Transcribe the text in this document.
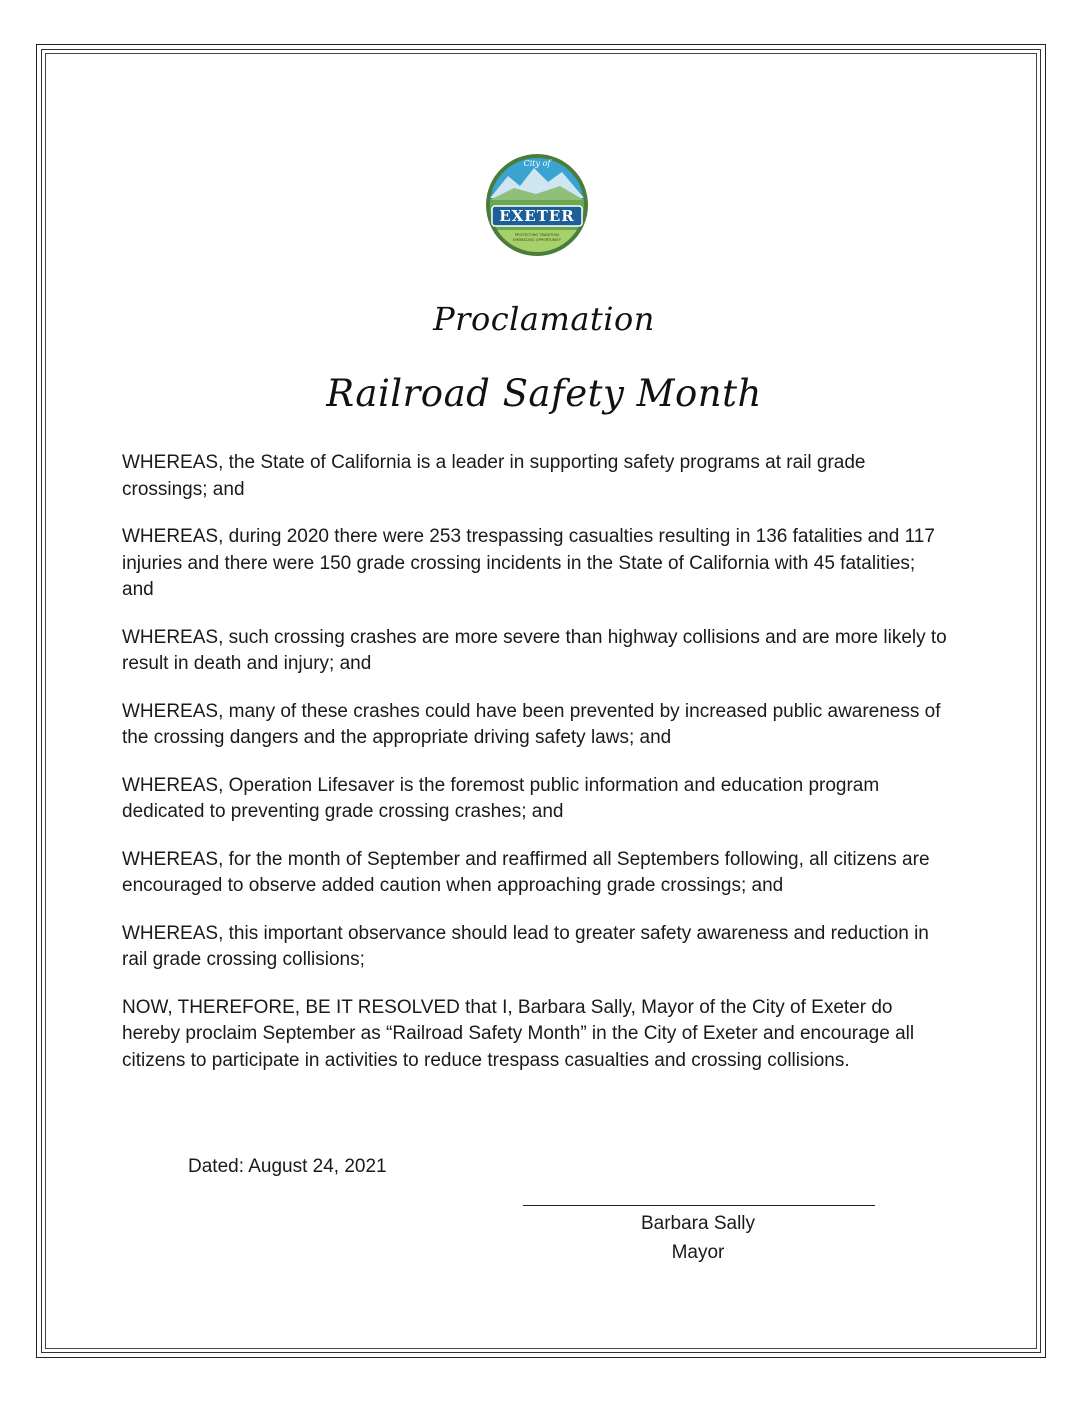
City of
EXETER
PROTECTING TRADITION
EMBRACING OPPORTUNITY
Proclamation
Railroad Safety Month

WHEREAS, the State of California is a leader in supporting safety programs at rail grade crossings; and

WHEREAS, during 2020 there were 253 trespassing casualties resulting in 136 fatalities and 117 injuries and there were 150 grade crossing incidents in the State of California with 45 fatalities; and

WHEREAS, such crossing crashes are more severe than highway collisions and are more likely to result in death and injury; and

WHEREAS, many of these crashes could have been prevented by increased public awareness of the crossing dangers and the appropriate driving safety laws; and

WHEREAS, Operation Lifesaver is the foremost public information and education program dedicated to preventing grade crossing crashes; and

WHEREAS, for the month of September and reaffirmed all Septembers following, all citizens are encouraged to observe added caution when approaching grade crossings; and

WHEREAS, this important observance should lead to greater safety awareness and reduction in rail grade crossing collisions;

NOW, THEREFORE, BE IT RESOLVED that I, Barbara Sally, Mayor of the City of Exeter do hereby proclaim September as “Railroad Safety Month” in the City of Exeter and encourage all citizens to participate in activities to reduce trespass casualties and crossing collisions.

Dated: August 24, 2021
Barbara Sally
Mayor
